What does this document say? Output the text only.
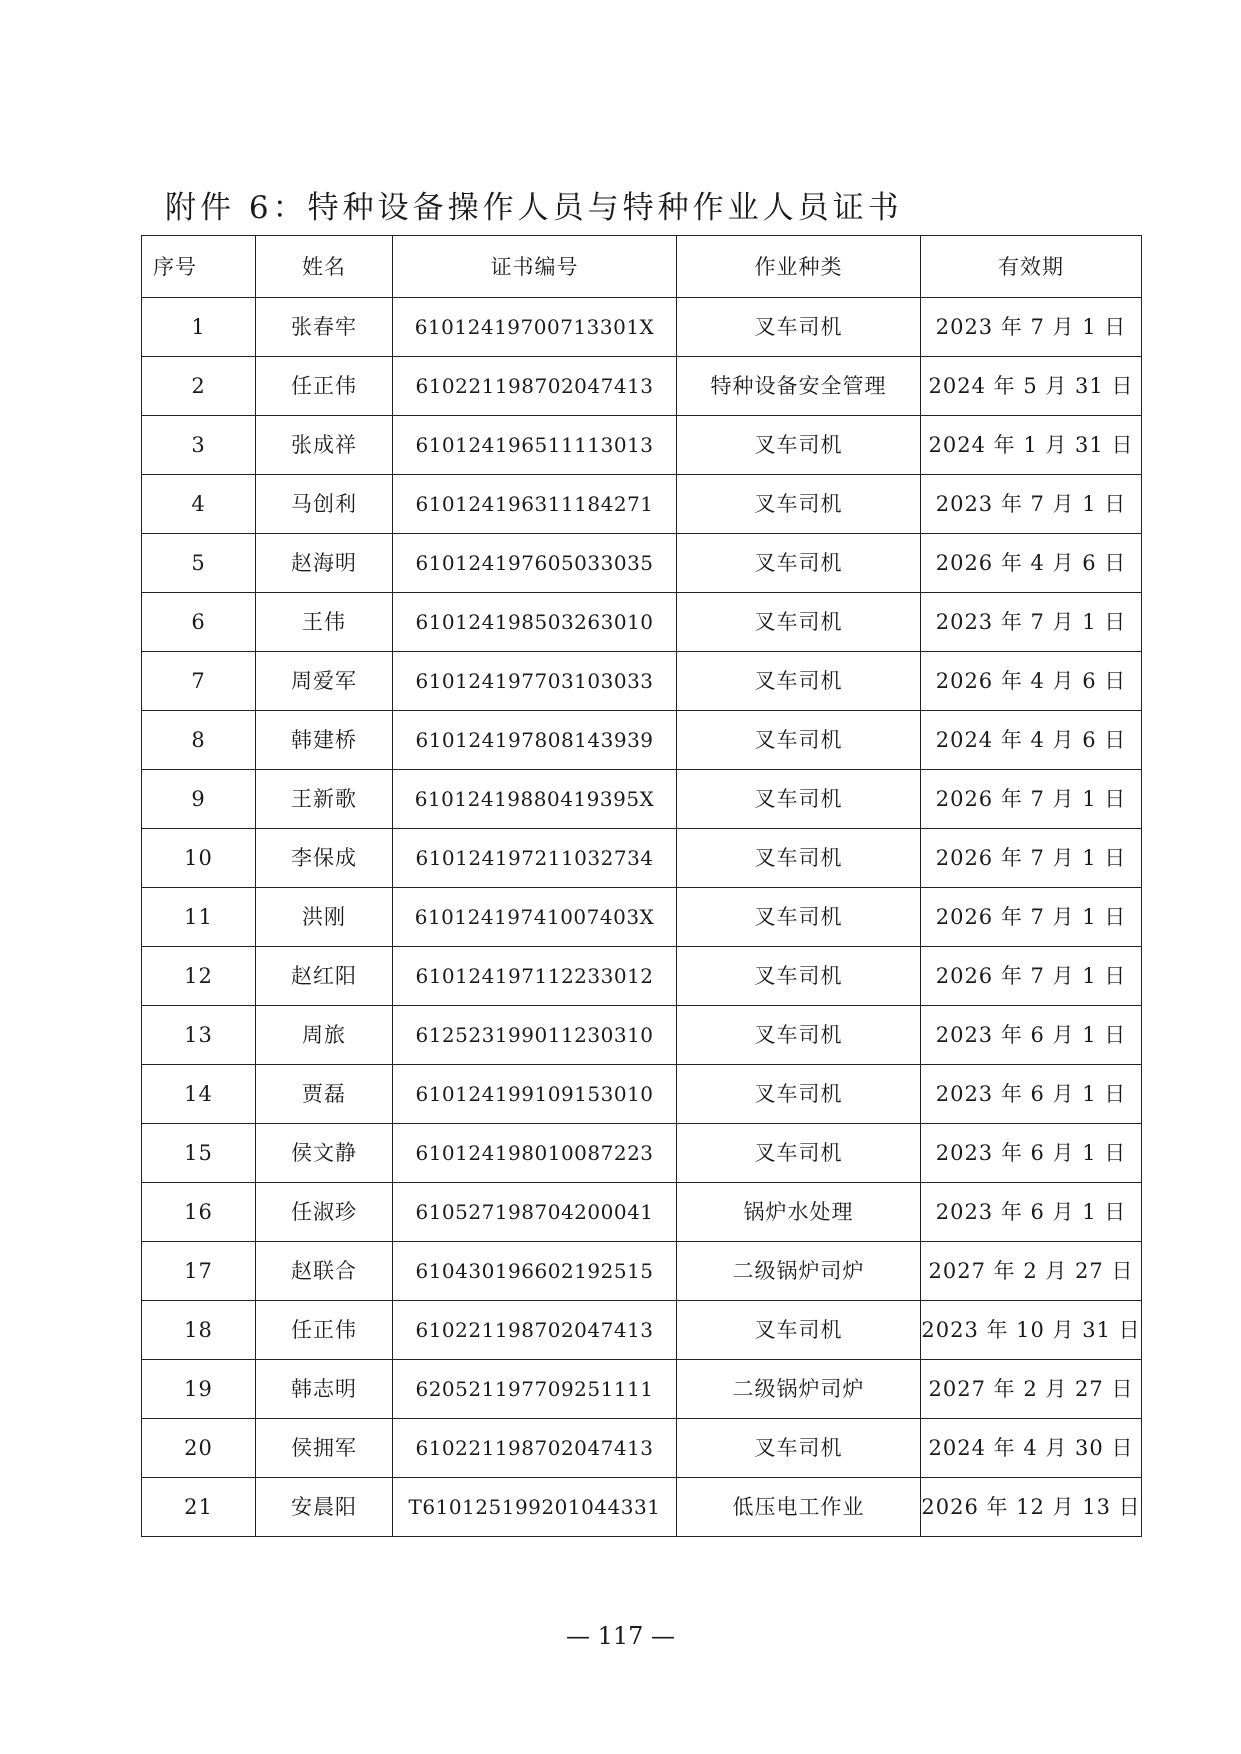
附件 6：特种设备操作人员与特种作业人员证书
序号	姓名	证书编号	作业种类	有效期
1	张春牢	61012419700713301X	叉车司机	2023 年 7 月 1 日
2	任正伟	610221198702047413	特种设备安全管理	2024 年 5 月 31 日
3	张成祥	610124196511113013	叉车司机	2024 年 1 月 31 日
4	马创利	610124196311184271	叉车司机	2023 年 7 月 1 日
5	赵海明	610124197605033035	叉车司机	2026 年 4 月 6 日
6	王伟	610124198503263010	叉车司机	2023 年 7 月 1 日
7	周爱军	610124197703103033	叉车司机	2026 年 4 月 6 日
8	韩建桥	610124197808143939	叉车司机	2024 年 4 月 6 日
9	王新歌	61012419880419395X	叉车司机	2026 年 7 月 1 日
10	李保成	610124197211032734	叉车司机	2026 年 7 月 1 日
11	洪刚	61012419741007403X	叉车司机	2026 年 7 月 1 日
12	赵红阳	610124197112233012	叉车司机	2026 年 7 月 1 日
13	周旅	612523199011230310	叉车司机	2023 年 6 月 1 日
14	贾磊	610124199109153010	叉车司机	2023 年 6 月 1 日
15	侯文静	610124198010087223	叉车司机	2023 年 6 月 1 日
16	任淑珍	610527198704200041	锅炉水处理	2023 年 6 月 1 日
17	赵联合	610430196602192515	二级锅炉司炉	2027 年 2 月 27 日
18	任正伟	610221198702047413	叉车司机	2023 年 10 月 31 日
19	韩志明	620521197709251111	二级锅炉司炉	2027 年 2 月 27 日
20	侯拥军	610221198702047413	叉车司机	2024 年 4 月 30 日
21	安晨阳	T610125199201044331	低压电工作业	2026 年 12 月 13 日
— 117 —
